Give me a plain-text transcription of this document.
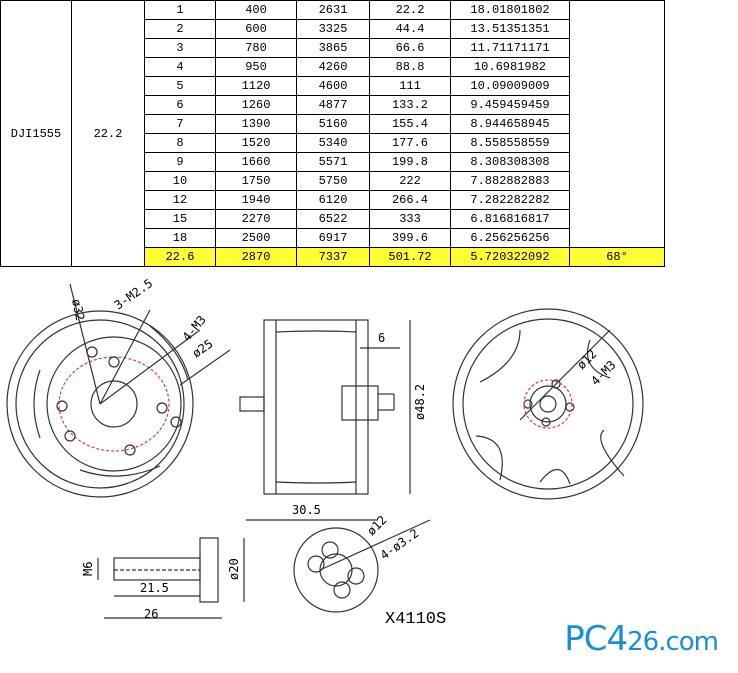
DJI1555	22.2	1	400	2631	22.2	18.01801802	
		2	600	3325	44.4	13.51351351	
		3	780	3865	66.6	11.71171171	
		4	950	4260	88.8	10.6981982	
		5	1120	4600	111	10.09009009	
		6	1260	4877	133.2	9.459459459	
		7	1390	5160	155.4	8.944658945	
		8	1520	5340	177.6	8.558558559	
		9	1660	5571	199.8	8.308308308	
		10	1750	5750	222	7.882882883	
		12	1940	6120	266.4	7.282282282	
		15	2270	6522	333	6.816816817	
		18	2500	6917	399.6	6.256256256	
		22.6	2870	7337	501.72	5.720322092	68°
ø32 3-M2.5
4-M3
ø25	6
ø48.2
30.5
ø12
4-M3
ø12
4-ø3.2
M6	ø20
21.5
26	X4110S	PC426.com
